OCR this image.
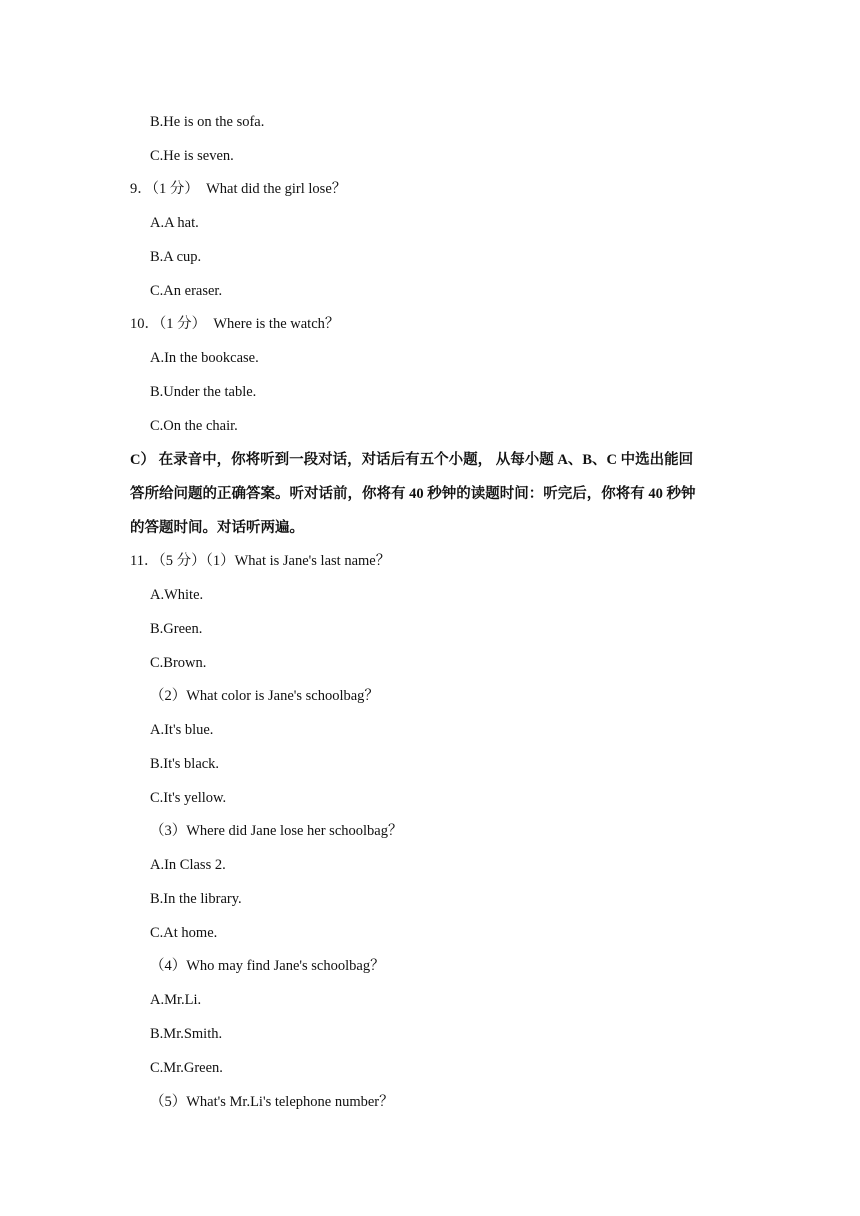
B.He is on the sofa.
C.He is seven.
9．（1 分） What did the girl lose？
A.A hat.
B.A cup.
C.An eraser.
10．（1 分） Where is the watch？
A.In the bookcase.
B.Under the table.
C.On the chair.
C） 在录音中，你将听到一段对话，对话后有五个小题， 从每小题 A、B、C 中选出能回
答所给问题的正确答案。听对话前，你将有 40 秒钟的读题时间：听完后，你将有 40 秒钟
的答题时间。对话听两遍。
11．（5 分）（1）What is Jane's last name？
A.White.
B.Green.
C.Brown.
（2）What color is Jane's schoolbag？
A.It's blue.
B.It's black.
C.It's yellow.
（3）Where did Jane lose her schoolbag？
A.In Class 2.
B.In the library.
C.At home.
（4）Who may find Jane's schoolbag？
A.Mr.Li.
B.Mr.Smith.
C.Mr.Green.
（5）What's Mr.Li's telephone number？
